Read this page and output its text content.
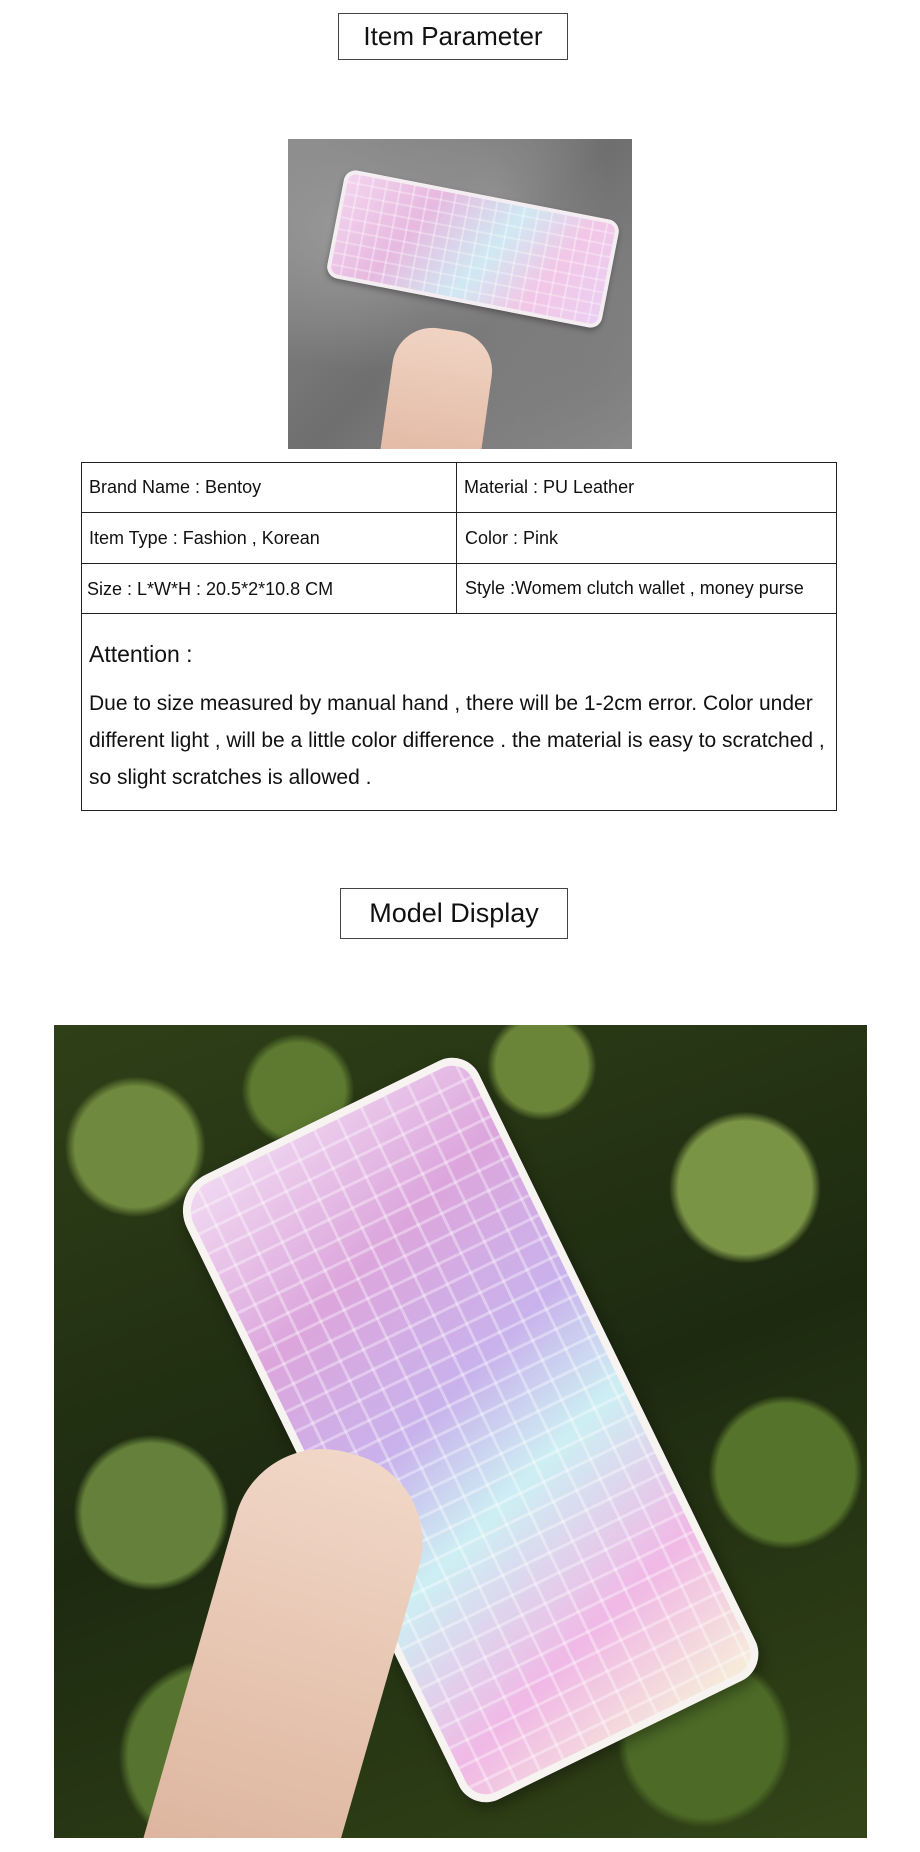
Item Parameter
Brand Name : Bentoy	Material : PU Leather
Item Type : Fashion , Korean	Color : Pink
Size : L*W*H : 20.5*2*10.8 CM	Style :Womem clutch wallet , money purse
Attention :
Due to size measured by manual hand , there will be 1-2cm error. Color under different light , will be a little color difference . the material is easy to scratched , so slight scratches is allowed .
Model Display
